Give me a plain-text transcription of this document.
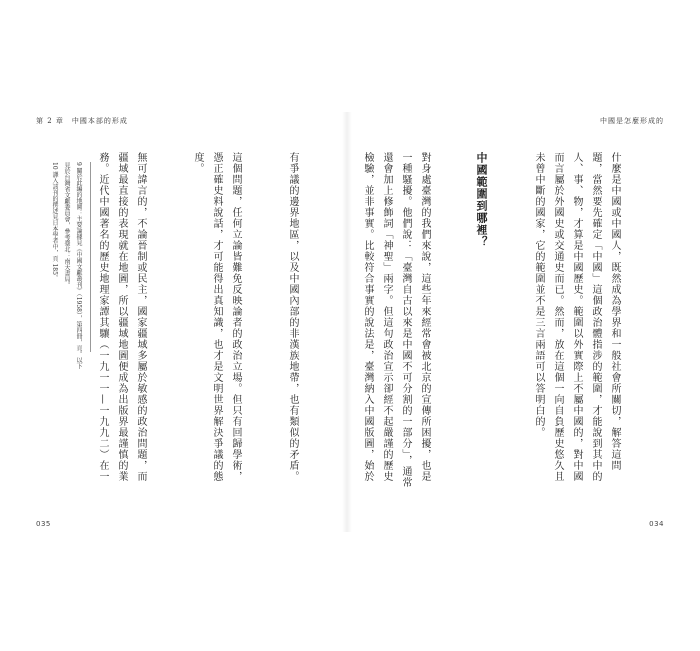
第 2 章　中國本部的形成

有爭議的邊界地區，以及中國內部的非漢族地帶，也有類似的矛盾。

這個問題，任何立論皆難免反映論者的政治立場。但只有回歸學術，憑正確史料說話，才可能得出真知識，也才是文明世界解決爭議的態度。

無可諱言的，不論晉制或民主，國家疆域多屬於敏感的政治問題，而疆域最直接的表現就在地圖，所以疆域地圖便成為出版界最謹慎的業務。近代中國著名的歷史地理家譚其驤（一九一一—一九九二）在一

9 關於此編的地圖：主要論據見《中國文獻叢刊》（1958），第四冊，頁。以下見於台灣省文獻委員會，參考臺北：南天書局。
10 譯入該刊的撰述見日本學者中，頁 185。
035
中國是怎麼形成的

什麼是中國或中國人，既然成為學界和一般社會所關切，解答這問題，當然要先確定「中國」這個政治體指涉的範圍，才能說到其中的人、事、物，才算是中國歷史。範圍以外實際上不屬中國的，對中國而言屬於外國史或交通史而已。然而，放在這個一向自負歷史悠久且未曾中斷的國家，它的範圍並不是三言兩語可以答明白的。

中國範圍到哪裡？

對身處臺灣的我們來說，這些年來經常會被北京的宣傳所困擾，也是一種騷擾。他們說：「臺灣自古以來是中國不可分割的一部分」，通常還會加上修飾詞「神聖」兩字。但這句政治宣示卻經不起嚴謹的歷史檢驗，並非事實。比較符合事實的說法是，臺灣納入中國版圖，始於

034
